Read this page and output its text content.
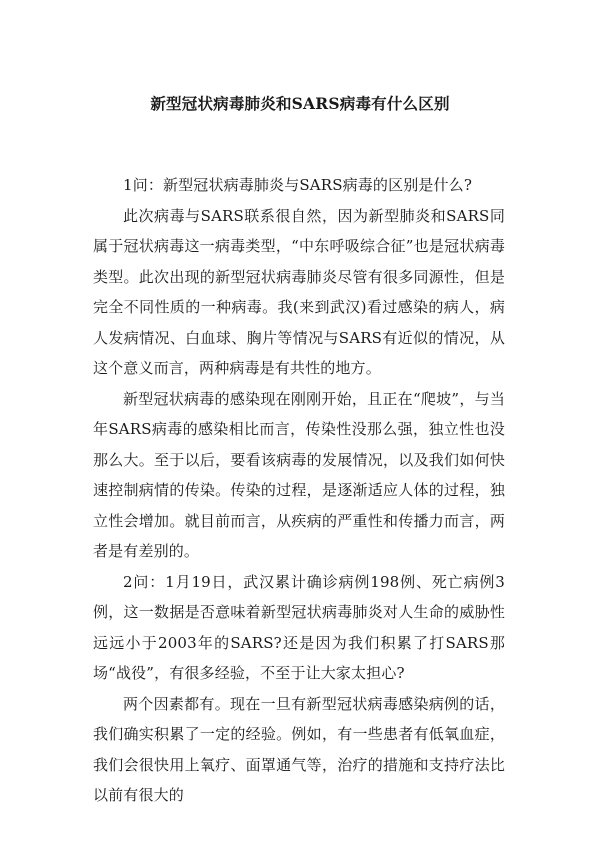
新型冠状病毒肺炎和SARS病毒有什么区别

1问：新型冠状病毒肺炎与SARS病毒的区别是什么?

此次病毒与SARS联系很自然，因为新型肺炎和SARS同属于冠状病毒这一病毒类型，“中东呼吸综合征”也是冠状病毒类型。此次出现的新型冠状病毒肺炎尽管有很多同源性，但是完全不同性质的一种病毒。我(来到武汉)看过感染的病人，病人发病情况、白血球、胸片等情况与SARS有近似的情况，从这个意义而言，两种病毒是有共性的地方。

新型冠状病毒的感染现在刚刚开始，且正在“爬坡”，与当年SARS病毒的感染相比而言，传染性没那么强，独立性也没那么大。至于以后，要看该病毒的发展情况，以及我们如何快速控制病情的传染。传染的过程，是逐渐适应人体的过程，独立性会增加。就目前而言，从疾病的严重性和传播力而言，两者是有差别的。

2问：1月19日，武汉累计确诊病例198例、死亡病例3例，这一数据是否意味着新型冠状病毒肺炎对人生命的威胁性远远小于2003年的SARS?还是因为我们积累了打SARS那场“战役”，有很多经验，不至于让大家太担心?

两个因素都有。现在一旦有新型冠状病毒感染病例的话，我们确实积累了一定的经验。例如，有一些患者有低氧血症，我们会很快用上氧疗、面罩通气等，治疗的措施和支持疗法比以前有很大的
